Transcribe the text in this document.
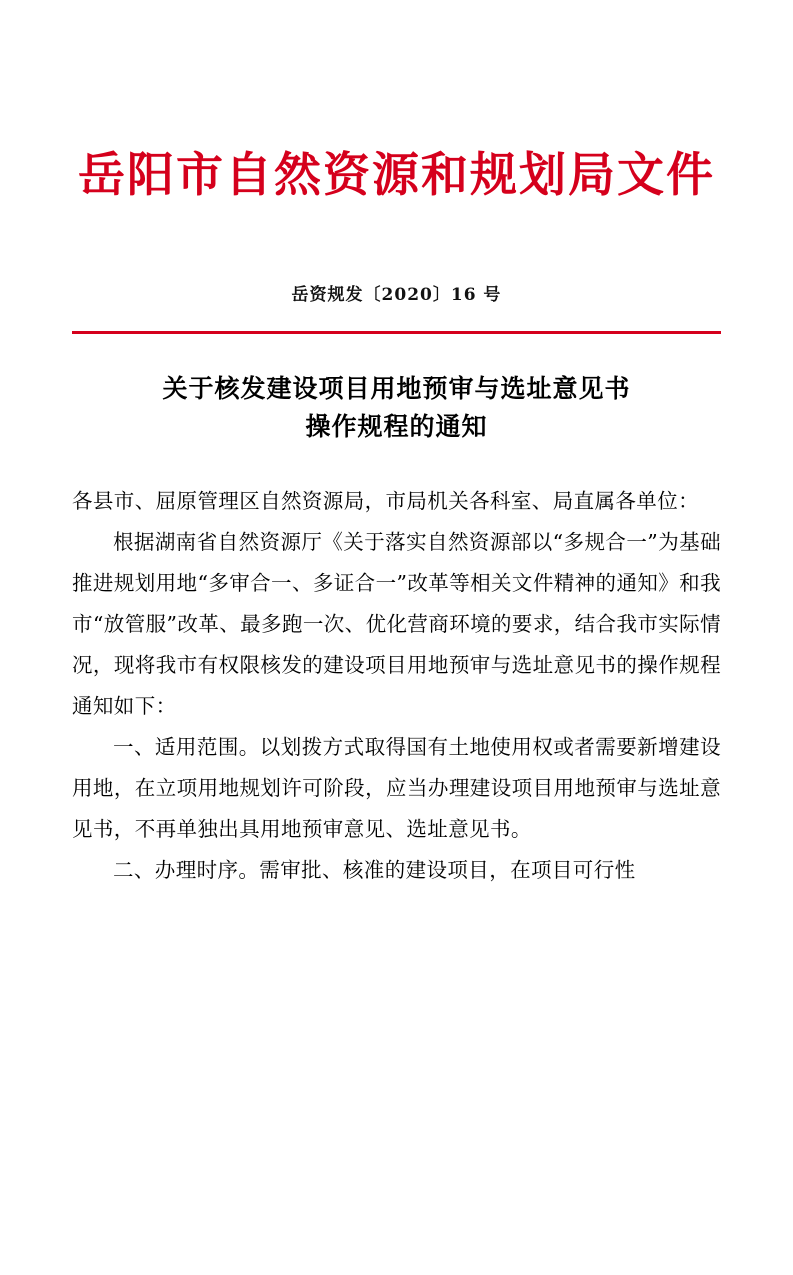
岳阳市自然资源和规划局文件
岳资规发〔2020〕16 号
关于核发建设项目用地预审与选址意见书
操作规程的通知

各县市、屈原管理区自然资源局，市局机关各科室、局直属各单位：

根据湖南省自然资源厅《关于落实自然资源部以“多规合一”为基础推进规划用地“多审合一、多证合一”改革等相关文件精神的通知》和我市“放管服”改革、最多跑一次、优化营商环境的要求，结合我市实际情况，现将我市有权限核发的建设项目用地预审与选址意见书的操作规程通知如下：

一、适用范围。以划拨方式取得国有土地使用权或者需要新增建设用地，在立项用地规划许可阶段，应当办理建设项目用地预审与选址意见书，不再单独出具用地预审意见、选址意见书。

二、办理时序。需审批、核准的建设项目，在项目可行性
